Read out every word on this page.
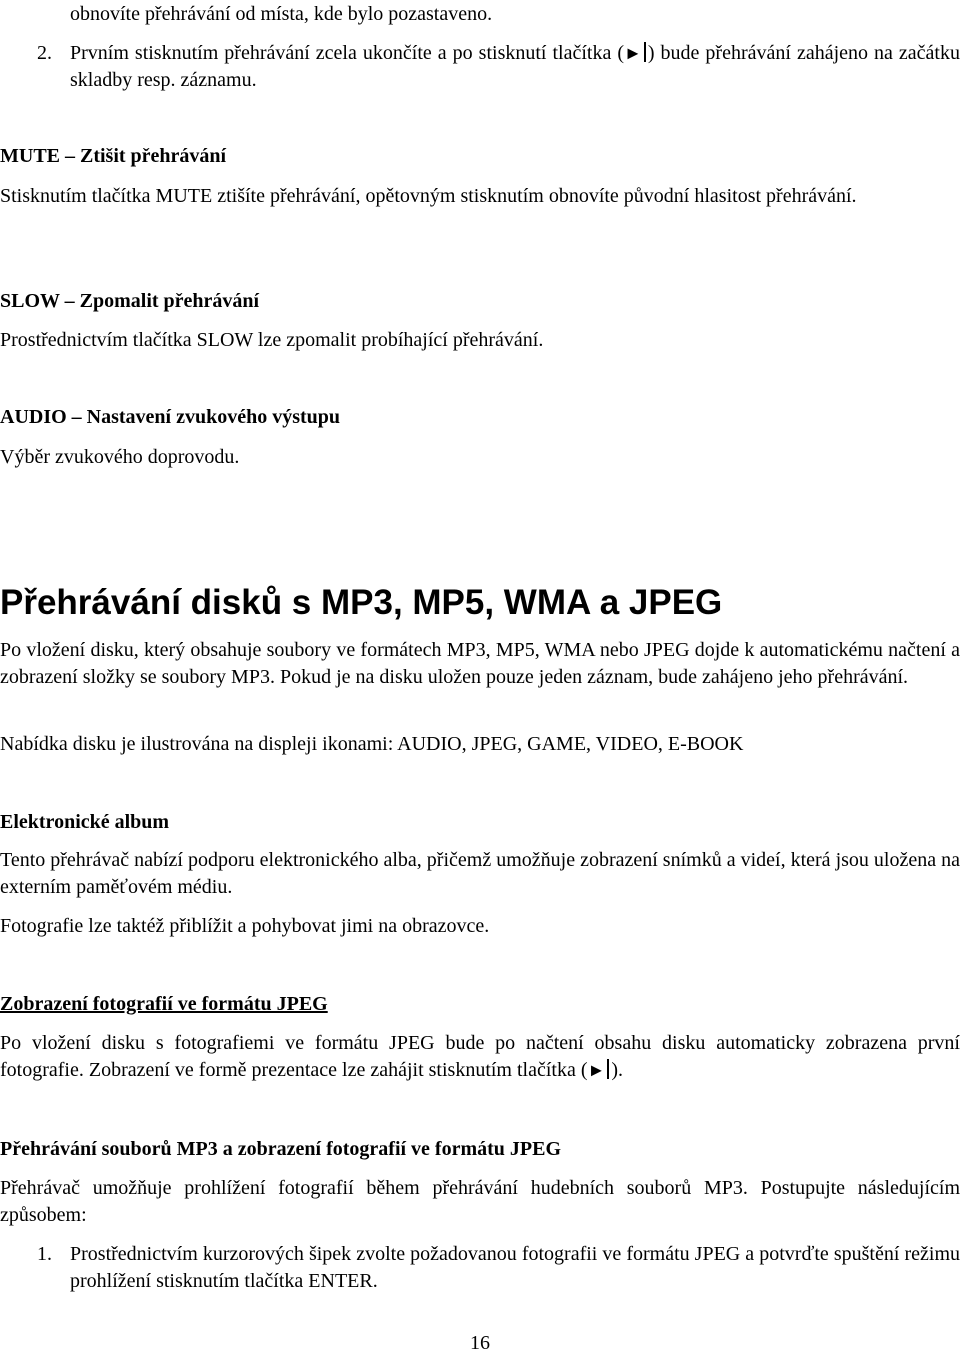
obnovíte přehrávání od místa, kde bylo pozastaveno.
2. Prvním stisknutím přehrávání zcela ukončíte a po stisknutí tlačítka (► ) bude přehrávání zahájeno na začátku skladby resp. záznamu.
MUTE – Ztišit přehrávání
Stisknutím tlačítka MUTE ztišíte přehrávání, opětovným stisknutím obnovíte původní hlasitost přehrávání.
SLOW – Zpomalit přehrávání
Prostřednictvím tlačítka SLOW lze zpomalit probíhající přehrávání.
AUDIO – Nastavení zvukového výstupu
Výběr zvukového doprovodu.
Přehrávání disků s MP3, MP5, WMA a JPEG
Po vložení disku, který obsahuje soubory ve formátech MP3, MP5, WMA nebo JPEG dojde k automatickému načtení a zobrazení složky se soubory MP3. Pokud je na disku uložen pouze jeden záznam, bude zahájeno jeho přehrávání.
Nabídka disku je ilustrována na displeji ikonami: AUDIO, JPEG, GAME, VIDEO, E-BOOK
Elektronické album
Tento přehrávač nabízí podporu elektronického alba, přičemž umožňuje zobrazení snímků a videí, která jsou uložena na externím paměťovém médiu.
Fotografie lze taktéž přiblížit a pohybovat jimi na obrazovce.
Zobrazení fotografií ve formátu JPEG
Po vložení disku s fotografiemi ve formátu JPEG bude po načtení obsahu disku automaticky zobrazena první fotografie. Zobrazení ve formě prezentace lze zahájit stisknutím tlačítka (► ).
Přehrávání souborů MP3 a zobrazení fotografií ve formátu JPEG
Přehrávač umožňuje prohlížení fotografií během přehrávání hudebních souborů MP3. Postupujte následujícím způsobem:
1. Prostřednictvím kurzorových šipek zvolte požadovanou fotografii ve formátu JPEG a potvrďte spuštění režimu prohlížení stisknutím tlačítka ENTER.
16
